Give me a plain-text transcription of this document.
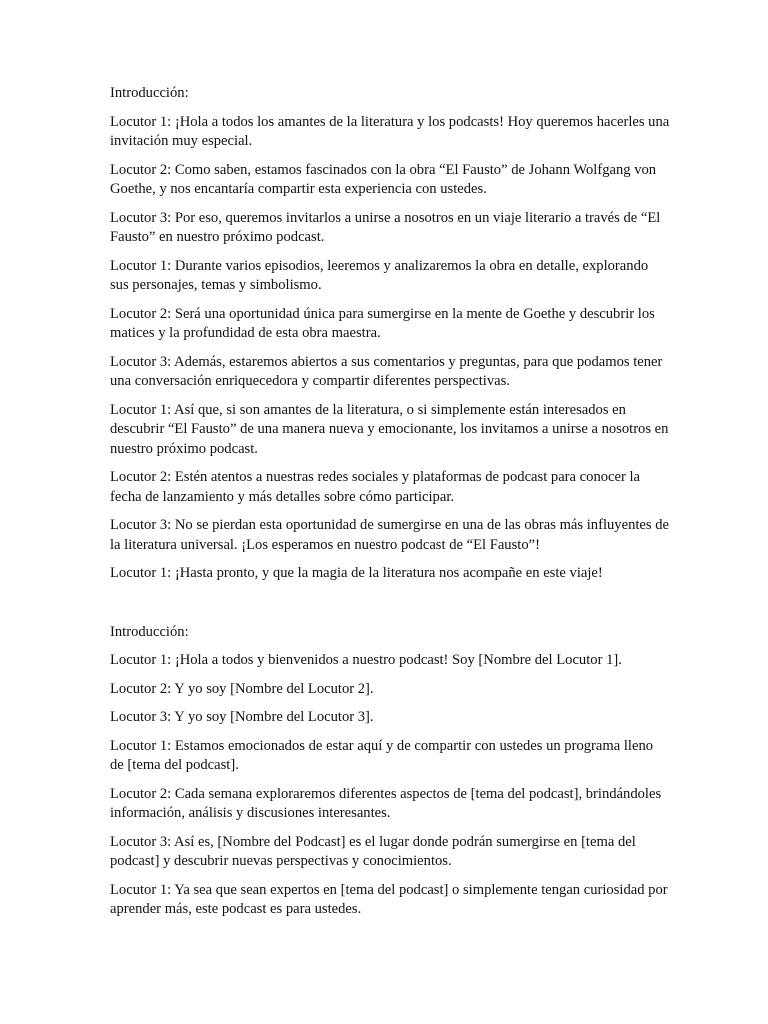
Introducción:

Locutor 1: ¡Hola a todos los amantes de la literatura y los podcasts! Hoy queremos hacerles una invitación muy especial.

Locutor 2: Como saben, estamos fascinados con la obra “El Fausto” de Johann Wolfgang von Goethe, y nos encantaría compartir esta experiencia con ustedes.

Locutor 3: Por eso, queremos invitarlos a unirse a nosotros en un viaje literario a través de “El Fausto” en nuestro próximo podcast.

Locutor 1: Durante varios episodios, leeremos y analizaremos la obra en detalle, explorando sus personajes, temas y simbolismo.

Locutor 2: Será una oportunidad única para sumergirse en la mente de Goethe y descubrir los matices y la profundidad de esta obra maestra.

Locutor 3: Además, estaremos abiertos a sus comentarios y preguntas, para que podamos tener una conversación enriquecedora y compartir diferentes perspectivas.

Locutor 1: Así que, si son amantes de la literatura, o si simplemente están interesados en descubrir “El Fausto” de una manera nueva y emocionante, los invitamos a unirse a nosotros en nuestro próximo podcast.

Locutor 2: Estén atentos a nuestras redes sociales y plataformas de podcast para conocer la fecha de lanzamiento y más detalles sobre cómo participar.

Locutor 3: No se pierdan esta oportunidad de sumergirse en una de las obras más influyentes de la literatura universal. ¡Los esperamos en nuestro podcast de “El Fausto”!

Locutor 1: ¡Hasta pronto, y que la magia de la literatura nos acompañe en este viaje!

Introducción:

Locutor 1: ¡Hola a todos y bienvenidos a nuestro podcast! Soy [Nombre del Locutor 1].

Locutor 2: Y yo soy [Nombre del Locutor 2].

Locutor 3: Y yo soy [Nombre del Locutor 3].

Locutor 1: Estamos emocionados de estar aquí y de compartir con ustedes un programa lleno de [tema del podcast].

Locutor 2: Cada semana exploraremos diferentes aspectos de [tema del podcast], brindándoles información, análisis y discusiones interesantes.

Locutor 3: Así es, [Nombre del Podcast] es el lugar donde podrán sumergirse en [tema del podcast] y descubrir nuevas perspectivas y conocimientos.

Locutor 1: Ya sea que sean expertos en [tema del podcast] o simplemente tengan curiosidad por aprender más, este podcast es para ustedes.
